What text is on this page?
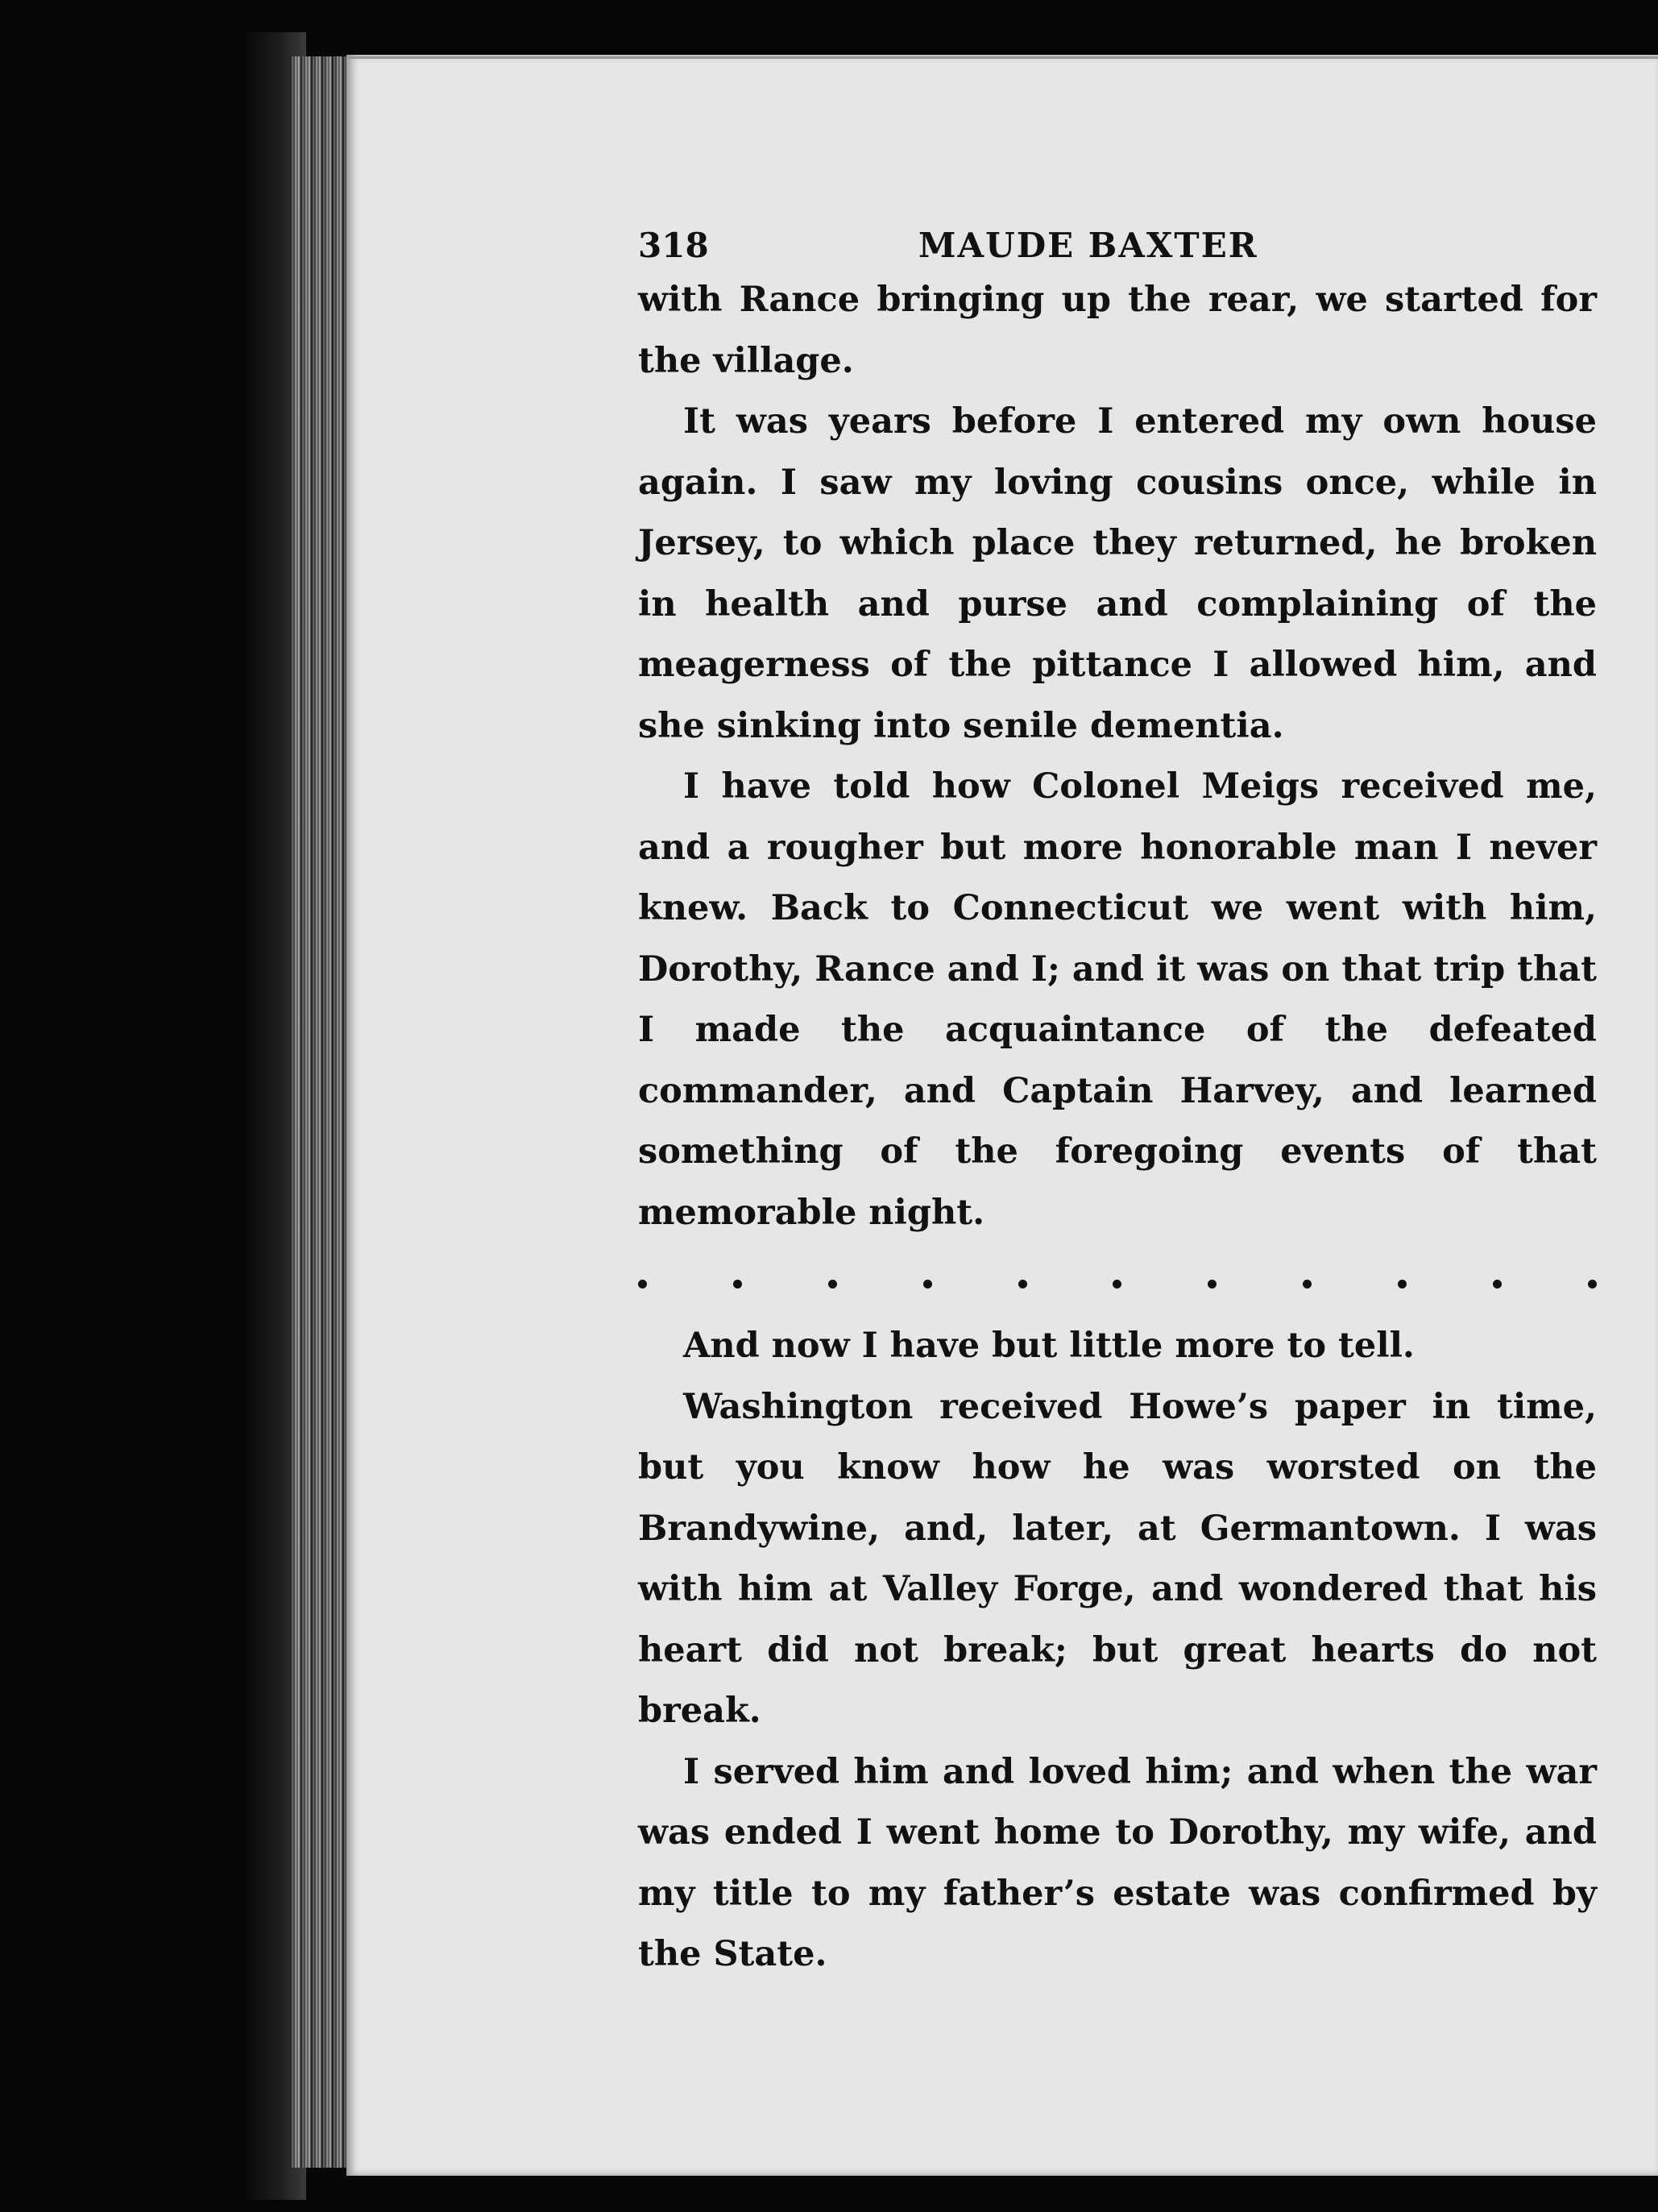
318	MAUDE BAXTER

with Rance bringing up the rear, we started for the village.

It was years before I entered my own house again. I saw my loving cousins once, while in Jersey, to which place they returned, he broken in health and purse and complaining of the meagerness of the pittance I allowed him, and she sinking into senile dementia.

I have told how Colonel Meigs received me, and a rougher but more honorable man I never knew. Back to Connecticut we went with him, Dorothy, Rance and I; and it was on that trip that I made the acquaintance of the defeated commander, and Captain Harvey, and learned something of the foregoing events of that memorable night.

And now I have but little more to tell.

Washington received Howe’s paper in time, but you know how he was worsted on the Brandywine, and, later, at Germantown. I was with him at Valley Forge, and wondered that his heart did not break; but great hearts do not break.

I served him and loved him; and when the war was ended I went home to Dorothy, my wife, and my title to my father’s estate was confirmed by the State.
